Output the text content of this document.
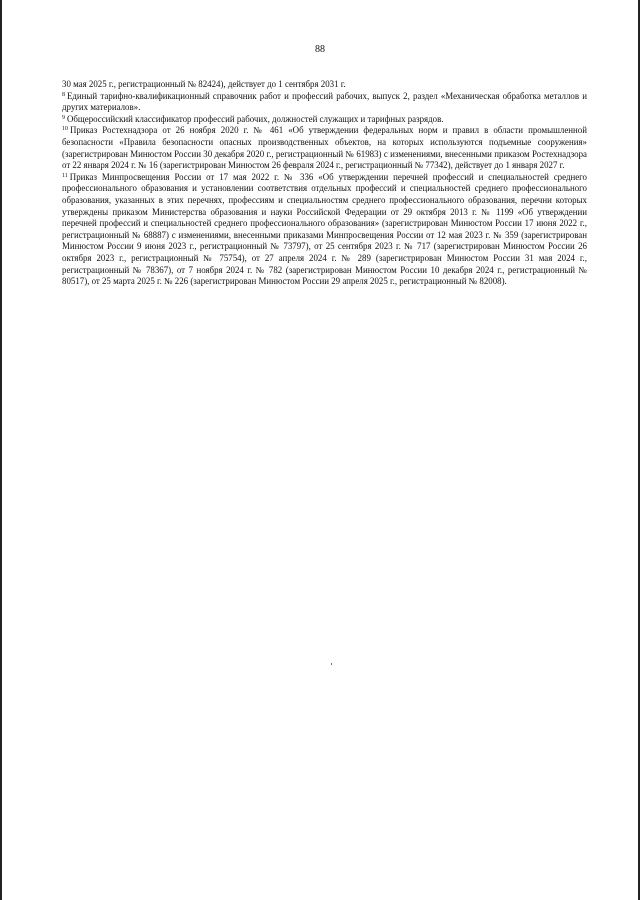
88

30 мая 2025 г., регистрационный № 82424), действует до 1 сентября 2031 г.

$^8$ Единый тарифно-квалификационный справочник работ и профессий рабочих, выпуск 2, раздел «Механическая обработка металлов и других материалов».

$^9$ Общероссийский классификатор профессий рабочих, должностей служащих и тарифных разрядов.

$^{10}$ Приказ Ростехнадзора от 26 ноября 2020 г. № 461 «Об утверждении федеральных норм и правил в области промышленной безопасности «Правила безопасности опасных производственных объектов, на которых используются подъемные сооружения» (зарегистрирован Минюстом России 30 декабря 2020 г., регистрационный № 61983) с изменениями, внесенными приказом Ростехнадзора от 22 января 2024 г. № 16 (зарегистрирован Минюстом 26 февраля 2024 г., регистрационный № 77342), действует до 1 января 2027 г.

$^{11}$ Приказ Минпросвещения России от 17 мая 2022 г. № 336 «Об утверждении перечней профессий и специальностей среднего профессионального образования и установлении соответствия отдельных профессий и специальностей среднего профессионального образования, указанных в этих перечнях, профессиям и специальностям среднего профессионального образования, перечни которых утверждены приказом Министерства образования и науки Российской Федерации от 29 октября 2013 г. № 1199 «Об утверждении перечней профессий и специальностей среднего профессионального образования» (зарегистрирован Минюстом России 17 июня 2022 г., регистрационный № 68887) с изменениями, внесенными приказами Минпросвещения России от 12 мая 2023 г. № 359 (зарегистрирован Минюстом России 9 июня 2023 г., регистрационный № 73797), от 25 сентября 2023 г. № 717 (зарегистрирован Минюстом России 26 октября 2023 г., регистрационный № 75754), от 27 апреля 2024 г. № 289 (зарегистрирован Минюстом России 31 мая 2024 г., регистрационный № 78367), от 7 ноября 2024 г. № 782 (зарегистрирован Минюстом России 10 декабря 2024 г., регистрационный № 80517), от 25 марта 2025 г. № 226 (зарегистрирован Минюстом России 29 апреля 2025 г., регистрационный № 82008).
